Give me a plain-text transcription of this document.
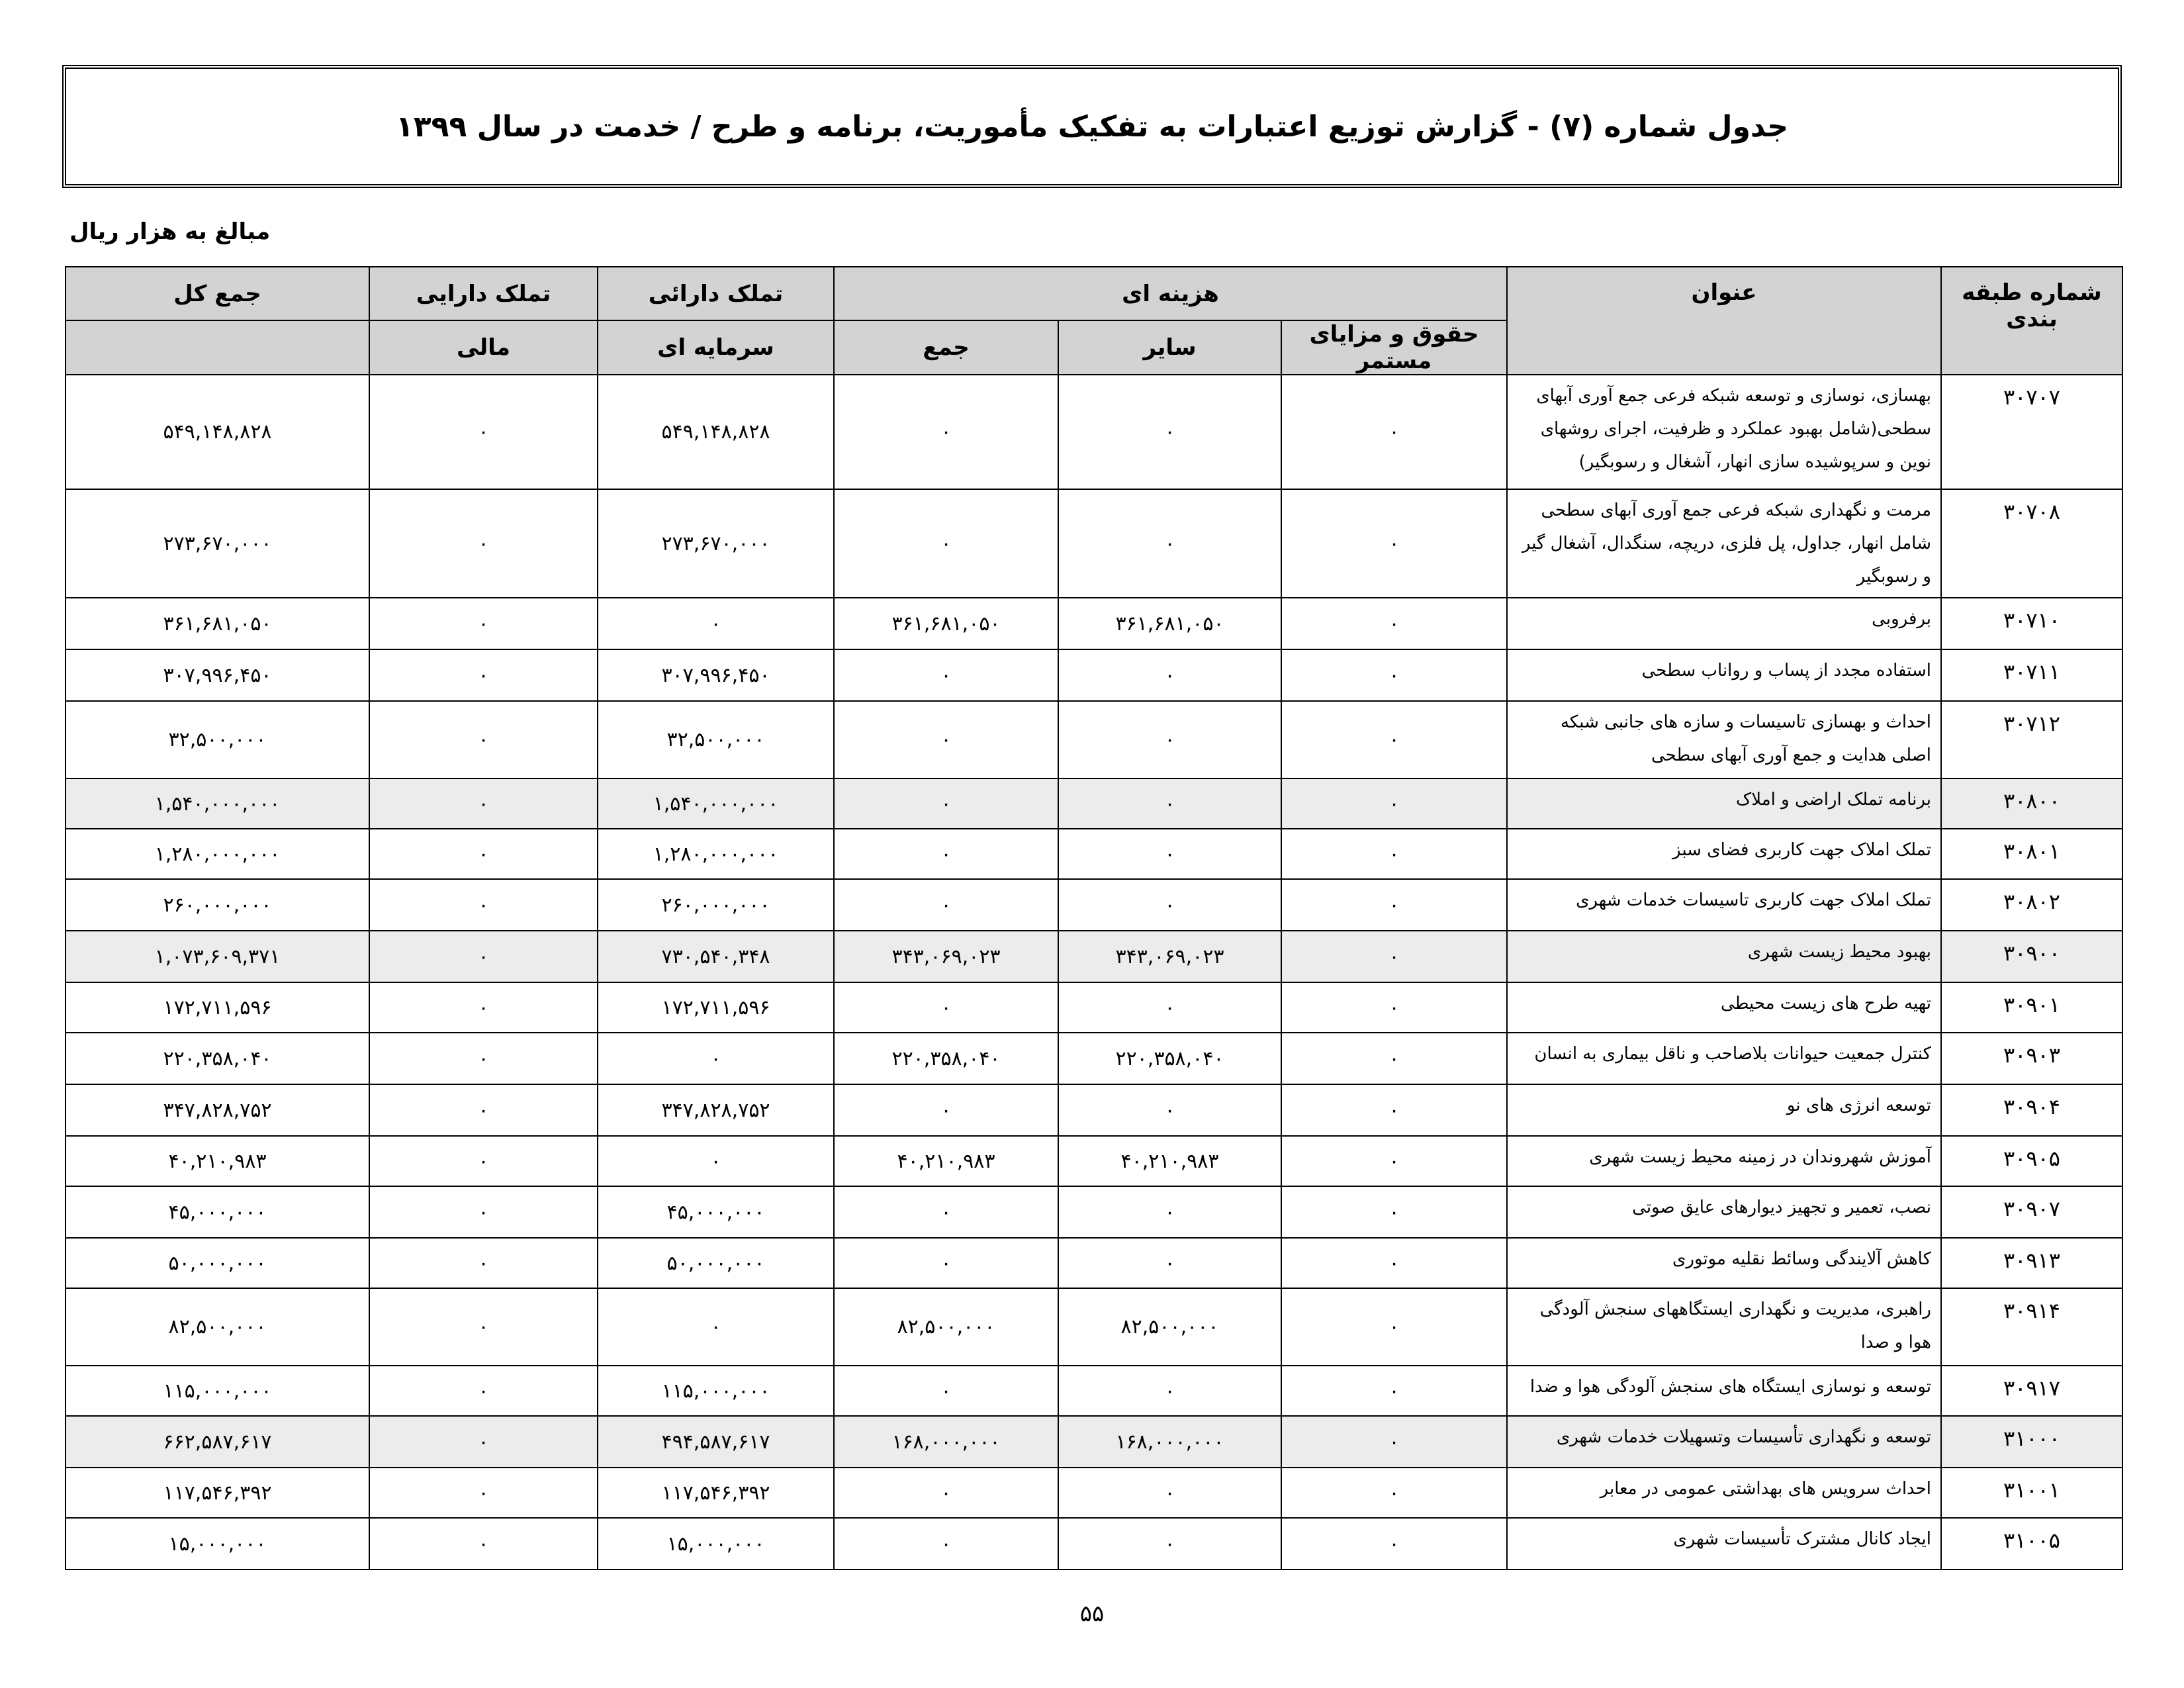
جدول شماره (۷) - گزارش توزیع اعتبارات به تفکیک مأموریت، برنامه و طرح / خدمت در سال ۱۳۹۹
مبالغ به هزار ریال
شماره طبقه بندی	عنوان	هزینه ای			تملک دارائی	تملک دارایی	جمع کل
		حقوق و مزایای مستمر	سایر	جمع	سرمایه ای	مالی	
۳۰۷۰۷	بهسازی، نوسازی و توسعه شبکه فرعی جمع آوری آبهای سطحی(شامل بهبود عملکرد و ظرفیت، اجرای روشهای نوین و سرپوشیده سازی انهار، آشغال و رسوبگیر)	۰	۰	۰	۵۴۹,۱۴۸,۸۲۸	۰	۵۴۹,۱۴۸,۸۲۸
۳۰۷۰۸	مرمت و نگهداری شبکه فرعی جمع آوری آبهای سطحی شامل انهار، جداول، پل فلزی، دریچه، سنگدال، آشغال گیر و رسوبگیر	۰	۰	۰	۲۷۳,۶۷۰,۰۰۰	۰	۲۷۳,۶۷۰,۰۰۰
۳۰۷۱۰	برفروبی	۰	۳۶۱,۶۸۱,۰۵۰	۳۶۱,۶۸۱,۰۵۰	۰	۰	۳۶۱,۶۸۱,۰۵۰
۳۰۷۱۱	استفاده مجدد از پساب و رواناب سطحی	۰	۰	۰	۳۰۷,۹۹۶,۴۵۰	۰	۳۰۷,۹۹۶,۴۵۰
۳۰۷۱۲	احداث و بهسازی تاسیسات و سازه های جانبی شبکه اصلی هدایت و جمع آوری آبهای سطحی	۰	۰	۰	۳۲,۵۰۰,۰۰۰	۰	۳۲,۵۰۰,۰۰۰
۳۰۸۰۰	برنامه تملک اراضی و املاک	۰	۰	۰	۱,۵۴۰,۰۰۰,۰۰۰	۰	۱,۵۴۰,۰۰۰,۰۰۰
۳۰۸۰۱	تملک املاک جهت کاربری فضای سبز	۰	۰	۰	۱,۲۸۰,۰۰۰,۰۰۰	۰	۱,۲۸۰,۰۰۰,۰۰۰
۳۰۸۰۲	تملک املاک جهت کاربری تاسیسات خدمات شهری	۰	۰	۰	۲۶۰,۰۰۰,۰۰۰	۰	۲۶۰,۰۰۰,۰۰۰
۳۰۹۰۰	بهبود محیط زیست شهری	۰	۳۴۳,۰۶۹,۰۲۳	۳۴۳,۰۶۹,۰۲۳	۷۳۰,۵۴۰,۳۴۸	۰	۱,۰۷۳,۶۰۹,۳۷۱
۳۰۹۰۱	تهیه طرح های زیست محیطی	۰	۰	۰	۱۷۲,۷۱۱,۵۹۶	۰	۱۷۲,۷۱۱,۵۹۶
۳۰۹۰۳	کنترل جمعیت حیوانات بلاصاحب و ناقل بیماری به انسان	۰	۲۲۰,۳۵۸,۰۴۰	۲۲۰,۳۵۸,۰۴۰	۰	۰	۲۲۰,۳۵۸,۰۴۰
۳۰۹۰۴	توسعه انرژی های نو	۰	۰	۰	۳۴۷,۸۲۸,۷۵۲	۰	۳۴۷,۸۲۸,۷۵۲
۳۰۹۰۵	آموزش شهروندان در زمینه محیط زیست شهری	۰	۴۰,۲۱۰,۹۸۳	۴۰,۲۱۰,۹۸۳	۰	۰	۴۰,۲۱۰,۹۸۳
۳۰۹۰۷	نصب، تعمیر و تجهیز دیوارهای عایق صوتی	۰	۰	۰	۴۵,۰۰۰,۰۰۰	۰	۴۵,۰۰۰,۰۰۰
۳۰۹۱۳	کاهش آلایندگی وسائط نقلیه موتوری	۰	۰	۰	۵۰,۰۰۰,۰۰۰	۰	۵۰,۰۰۰,۰۰۰
۳۰۹۱۴	راهبری، مدیریت و نگهداری ایستگاههای سنجش آلودگی هوا و صدا	۰	۸۲,۵۰۰,۰۰۰	۸۲,۵۰۰,۰۰۰	۰	۰	۸۲,۵۰۰,۰۰۰
۳۰۹۱۷	توسعه و نوسازی ایستگاه های سنجش آلودگی هوا و ضدا	۰	۰	۰	۱۱۵,۰۰۰,۰۰۰	۰	۱۱۵,۰۰۰,۰۰۰
۳۱۰۰۰	توسعه و نگهداری تأسیسات وتسهیلات خدمات شهری	۰	۱۶۸,۰۰۰,۰۰۰	۱۶۸,۰۰۰,۰۰۰	۴۹۴,۵۸۷,۶۱۷	۰	۶۶۲,۵۸۷,۶۱۷
۳۱۰۰۱	احداث سرویس های بهداشتی عمومی در معابر	۰	۰	۰	۱۱۷,۵۴۶,۳۹۲	۰	۱۱۷,۵۴۶,۳۹۲
۳۱۰۰۵	ایجاد کانال مشترک تأسیسات شهری	۰	۰	۰	۱۵,۰۰۰,۰۰۰	۰	۱۵,۰۰۰,۰۰۰
۵۵
